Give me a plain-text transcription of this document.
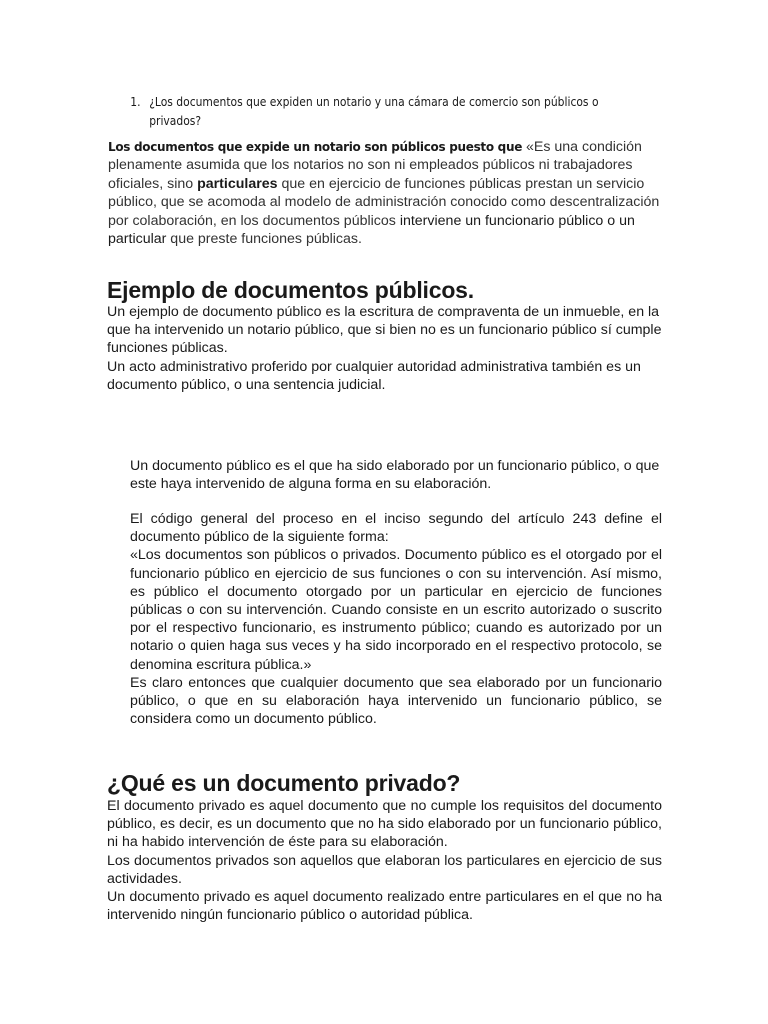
1. ¿Los documentos que expiden un notario y una cámara de comercio son públicos o privados?
Los documentos que expide un notario son públicos puesto que «Es una condición plenamente asumida que los notarios no son ni empleados públicos ni trabajadores oficiales, sino particulares que en ejercicio de funciones públicas prestan un servicio público, que se acomoda al modelo de administración conocido como descentralización por colaboración, en los documentos públicos interviene un funcionario público o un particular que preste funciones públicas.
Ejemplo de documentos públicos.

Un ejemplo de documento público es la escritura de compraventa de un inmueble, en la que ha intervenido un notario público, que si bien no es un funcionario público sí cumple funciones públicas.

Un acto administrativo proferido por cualquier autoridad administrativa también es un documento público, o una sentencia judicial.

Un documento público es el que ha sido elaborado por un funcionario público, o que este haya intervenido de alguna forma en su elaboración.

El código general del proceso en el inciso segundo del artículo 243 define el documento público de la siguiente forma:

«Los documentos son públicos o privados. Documento público es el otorgado por el funcionario público en ejercicio de sus funciones o con su intervención. Así mismo, es público el documento otorgado por un particular en ejercicio de funciones públicas o con su intervención. Cuando consiste en un escrito autorizado o suscrito por el respectivo funcionario, es instrumento público; cuando es autorizado por un notario o quien haga sus veces y ha sido incorporado en el respectivo protocolo, se denomina escritura pública.»

Es claro entonces que cualquier documento que sea elaborado por un funcionario público, o que en su elaboración haya intervenido un funcionario público, se considera como un documento público.

¿Qué es un documento privado?

El documento privado es aquel documento que no cumple los requisitos del documento público, es decir, es un documento que no ha sido elaborado por un funcionario público, ni ha habido intervención de éste para su elaboración.

Los documentos privados son aquellos que elaboran los particulares en ejercicio de sus actividades.

Un documento privado es aquel documento realizado entre particulares en el que no ha intervenido ningún funcionario público o autoridad pública.
